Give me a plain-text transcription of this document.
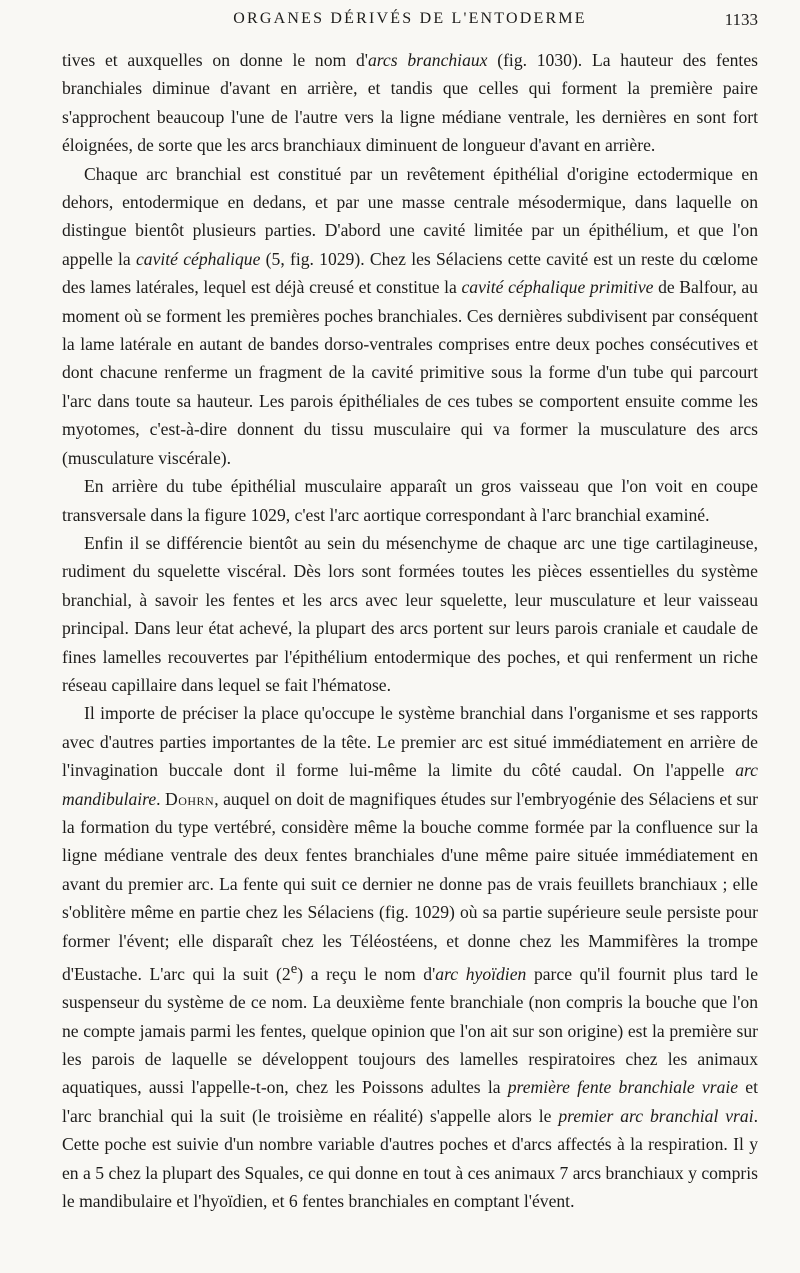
ORGANES DÉRIVÉS DE L'ENTODERME	1133

tives et auxquelles on donne le nom d'arcs branchiaux (fig. 1030). La hauteur des fentes branchiales diminue d'avant en arrière, et tandis que celles qui forment la première paire s'approchent beaucoup l'une de l'autre vers la ligne médiane ventrale, les dernières en sont fort éloignées, de sorte que les arcs branchiaux diminuent de longueur d'avant en arrière.

Chaque arc branchial est constitué par un revêtement épithélial d'origine ectodermique en dehors, entodermique en dedans, et par une masse centrale mésodermique, dans laquelle on distingue bientôt plusieurs parties. D'abord une cavité limitée par un épithélium, et que l'on appelle la cavité céphalique (5, fig. 1029). Chez les Sélaciens cette cavité est un reste du cœlome des lames latérales, lequel est déjà creusé et constitue la cavité céphalique primitive de Balfour, au moment où se forment les premières poches branchiales. Ces dernières subdivisent par conséquent la lame latérale en autant de bandes dorso-ventrales comprises entre deux poches consécutives et dont chacune renferme un fragment de la cavité primitive sous la forme d'un tube qui parcourt l'arc dans toute sa hauteur. Les parois épithéliales de ces tubes se comportent ensuite comme les myotomes, c'est-à-dire donnent du tissu musculaire qui va former la musculature des arcs (musculature viscérale).

En arrière du tube épithélial musculaire apparaît un gros vaisseau que l'on voit en coupe transversale dans la figure 1029, c'est l'arc aortique correspondant à l'arc branchial examiné.

Enfin il se différencie bientôt au sein du mésenchyme de chaque arc une tige cartilagineuse, rudiment du squelette viscéral. Dès lors sont formées toutes les pièces essentielles du système branchial, à savoir les fentes et les arcs avec leur squelette, leur musculature et leur vaisseau principal. Dans leur état achevé, la plupart des arcs portent sur leurs parois craniale et caudale de fines lamelles recouvertes par l'épithélium entodermique des poches, et qui renferment un riche réseau capillaire dans lequel se fait l'hématose.

Il importe de préciser la place qu'occupe le système branchial dans l'organisme et ses rapports avec d'autres parties importantes de la tête. Le premier arc est situé immédiatement en arrière de l'invagination buccale dont il forme lui-même la limite du côté caudal. On l'appelle arc mandibulaire. Dohrn, auquel on doit de magnifiques études sur l'embryogénie des Sélaciens et sur la formation du type vertébré, considère même la bouche comme formée par la confluence sur la ligne médiane ventrale des deux fentes branchiales d'une même paire située immédiatement en avant du premier arc. La fente qui suit ce dernier ne donne pas de vrais feuillets branchiaux ; elle s'oblitère même en partie chez les Sélaciens (fig. 1029) où sa partie supérieure seule persiste pour former l'évent; elle disparaît chez les Téléostéens, et donne chez les Mammifères la trompe d'Eustache. L'arc qui la suit (2e) a reçu le nom d'arc hyoïdien parce qu'il fournit plus tard le suspenseur du système de ce nom. La deuxième fente branchiale (non compris la bouche que l'on ne compte jamais parmi les fentes, quelque opinion que l'on ait sur son origine) est la première sur les parois de laquelle se développent toujours des lamelles respiratoires chez les animaux aquatiques, aussi l'appelle-t-on, chez les Poissons adultes la première fente branchiale vraie et l'arc branchial qui la suit (le troisième en réalité) s'appelle alors le premier arc branchial vrai. Cette poche est suivie d'un nombre variable d'autres poches et d'arcs affectés à la respiration. Il y en a 5 chez la plupart des Squales, ce qui donne en tout à ces animaux 7 arcs branchiaux y compris le mandibulaire et l'hyoïdien, et 6 fentes branchiales en comptant l'évent.
